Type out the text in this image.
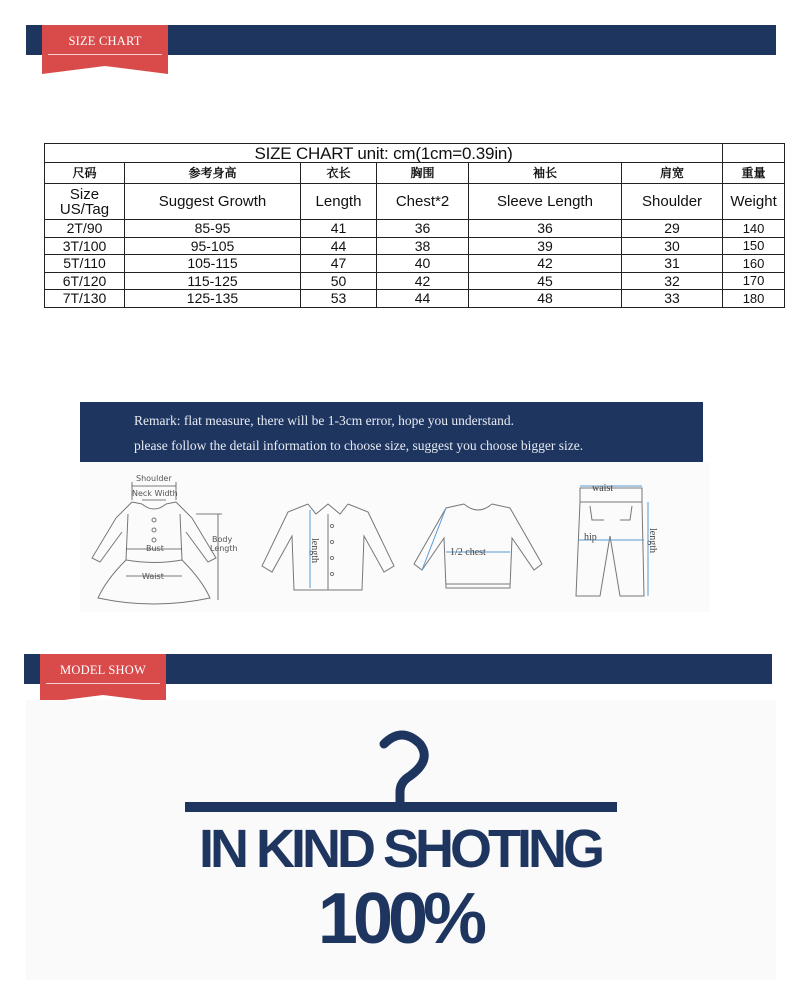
SIZE CHART
SIZE CHART unit: cm(1cm=0.39in)						
尺码	参考身高	衣长	胸围	袖长	肩宽	重量
Size US/Tag	Suggest Growth	Length	Chest*2	Sleeve Length	Shoulder	Weight
2T/90	85-95	41	36	36	29	140
3T/100	95-105	44	38	39	30	150
5T/110	105-115	47	40	42	31	160
6T/120	115-125	50	42	45	32	170
7T/130	125-135	53	44	48	33	180
Remark: flat measure, there will be 1-3cm error, hope you understand.
please follow the detail information to choose size, suggest you choose bigger size.
Shoulder
Neck Width
Bust
Waist
Body
Length	length	1/2 chest
waist
hip	length
MODEL SHOW
IN KIND SHOTING
100%
